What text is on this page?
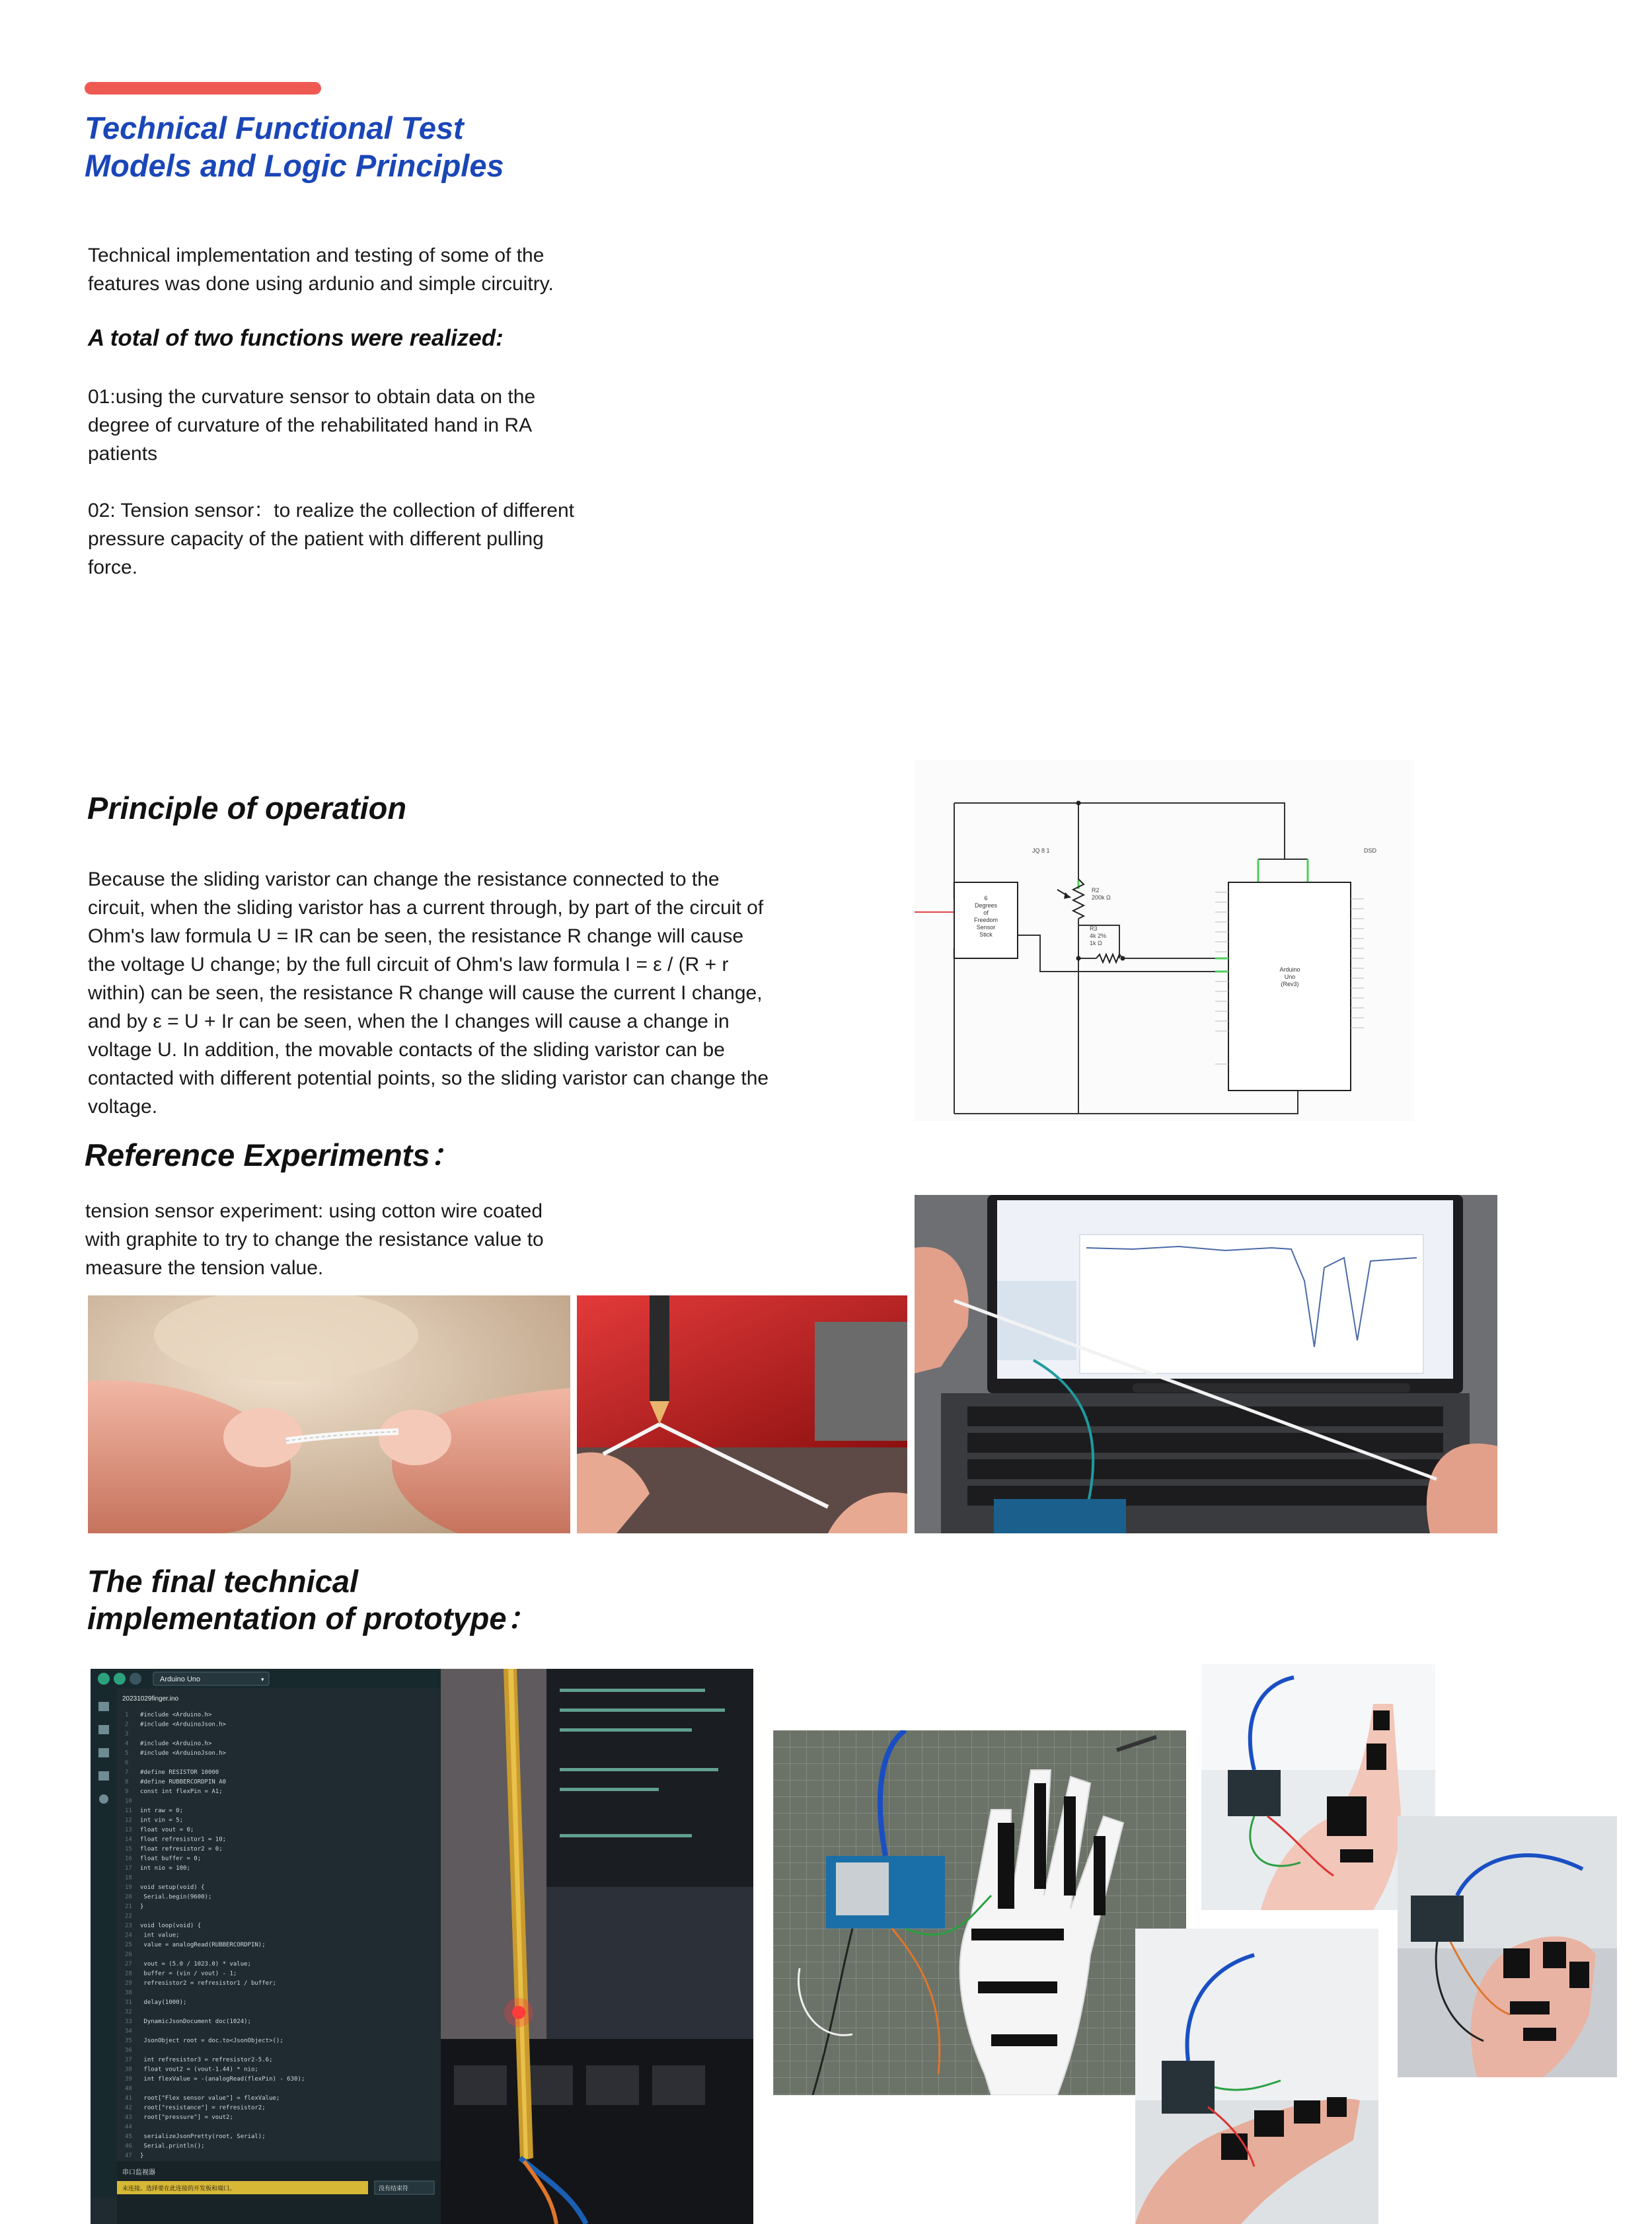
Technical Functional Test
Models and Logic Principles

Technical implementation and testing of some of the features was done using ardunio and simple circuitry.

A total of two functions were realized:

01:using the curvature sensor to obtain data on the degree of curvature of the rehabilitated hand in RA patients

02: Tension sensor：to realize the collection of different pressure capacity of the patient with different pulling force.

Principle of operation

Because the sliding varistor can change the resistance connected to the circuit, when the sliding varistor has a current through, by part of the circuit of Ohm's law formula U = IR can be seen, the resistance R change will cause the voltage U change; by the full circuit of Ohm's law formula I = ε / (R + r within) can be seen, the resistance R change will cause the current I change, and by ε = U + Ir can be seen, when the I changes will cause a change in voltage U. In addition, the movable contacts of the sliding varistor can be contacted with different potential points, so the sliding varistor can change the voltage.

6
Degrees
of
Freedom
Sensor
Stick
R2
200k Ω
R3
4k 2%
1k Ω
JQ 8 1	DSD
Arduino
Uno
(Rev3)
Reference Experiments：

tension sensor experiment: using cotton wire coated with graphite to try to change the resistance value to measure the tension value.

The final technical
implementation of prototype：
Arduino Uno	▾
20231029finger.ino
1 #include <Arduino.h> 2 #include <ArduinoJson.h> 3 4 #include <Arduino.h> 5 #include <ArduinoJson.h> 6 7 #define RESISTOR 10000 8 #define RUBBERCORDPIN A0 9 const int flexPin = A1; 10 11 int raw = 0; 12 int vin = 5; 13 float vout = 0; 14 float refresistor1 = 10; 15 float refresistor2 = 0; 16 float buffer = 0; 17 int nio = 100; 18 19 void setup(void) { 20 Serial.begin(9600); 21 } 22 23 void loop(void) { 24 int value; 25 value = analogRead(RUBBERCORDPIN); 26 27 vout = (5.0 / 1023.0) * value; 28 buffer = (vin / vout) - 1; 29 refresistor2 = refresistor1 / buffer; 30 31 delay(1000); 32 33 DynamicJsonDocument doc(1024); 34 35 JsonObject root = doc.to<JsonObject>(); 36 37 int refresistor3 = refresistor2-5.6; 38 float vout2 = (vout-1.44) * nio; 39 int flexValue = -(analogRead(flexPin) - 630); 40 41 root["Flex sensor value"] = flexValue; 42 root["resistance"] = refresistor2; 43 root["pressure"] = vout2; 44 45 serializeJsonPretty(root, Serial); 46 Serial.println(); 47 }
串口监视器
未连接。选择要在此连接的开发板和端口。	没有结束符
